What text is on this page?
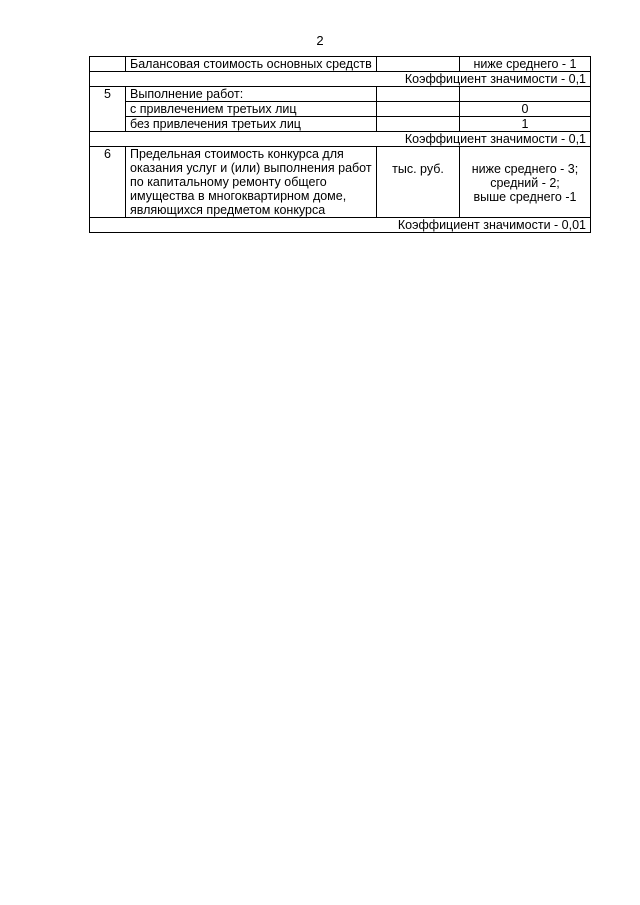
2
	Балансовая стоимость основных средств		ниже среднего - 1
Коэффициент значимости - 0,1			
5	Выполнение работ:		
	с привлечением третьих лиц		0
	без привлечения третьих лиц		1
Коэффициент значимости - 0,1			
6	Предельная стоимость конкурса для оказания услуг и (или) выполнения работ по капитальному ремонту общего имущества в многоквартирном доме, являющихся предметом конкурса	тыс. руб.	ниже среднего - 3;
средний - 2;
выше среднего -1

Коэффициент значимости - 0,01			
